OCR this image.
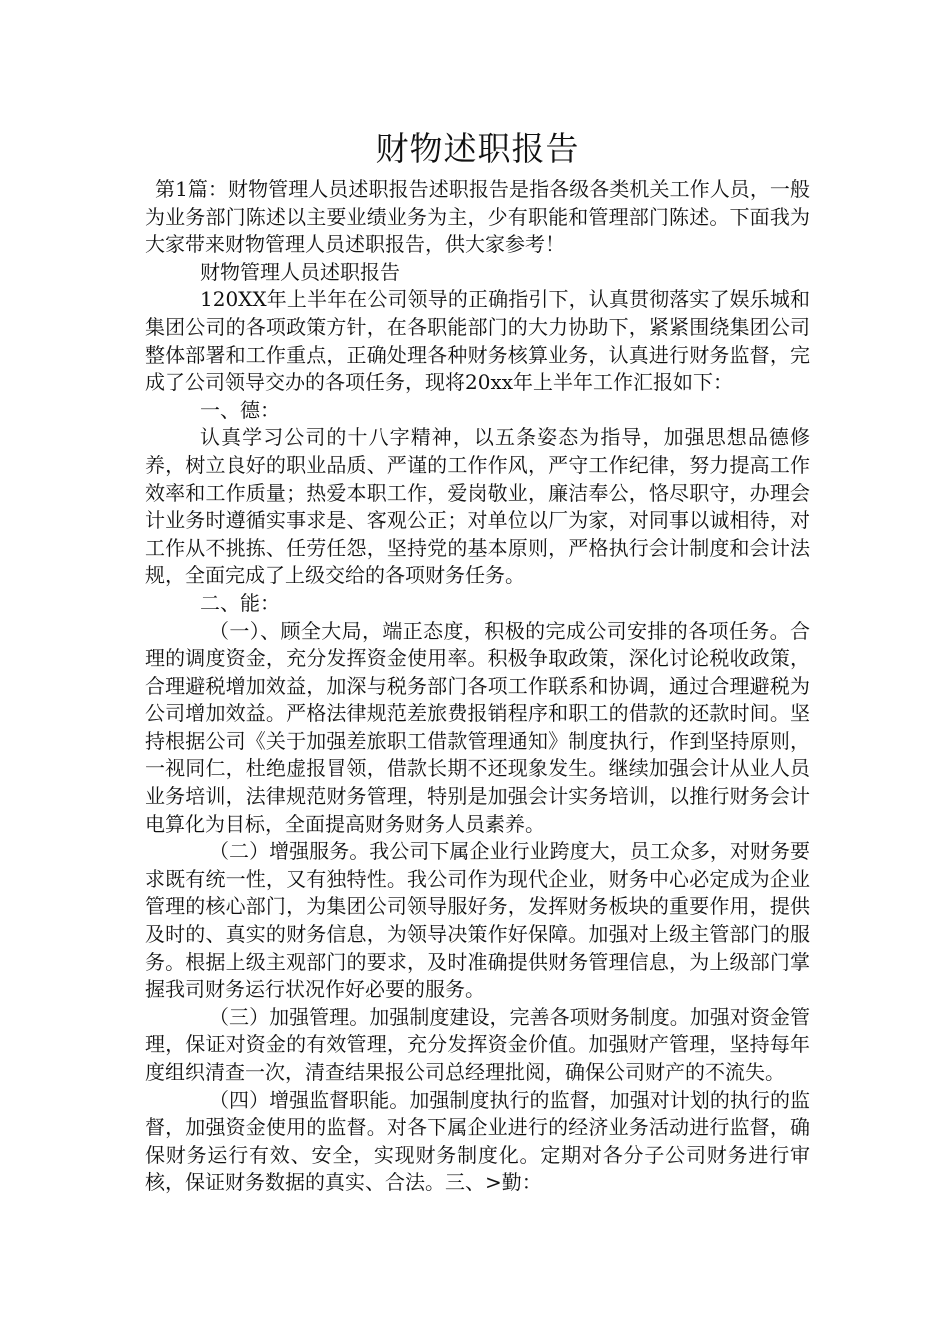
财物述职报告

第1篇：财物管理人员述职报告述职报告是指各级各类机关工作人员，一般为业务部门陈述以主要业绩业务为主，少有职能和管理部门陈述。下面我为大家带来财物管理人员述职报告，供大家参考！

财物管理人员述职报告

120XX年上半年在公司领导的正确指引下，认真贯彻落实了娱乐城和集团公司的各项政策方针，在各职能部门的大力协助下，紧紧围绕集团公司整体部署和工作重点，正确处理各种财务核算业务，认真进行财务监督，完成了公司领导交办的各项任务，现将20xx年上半年工作汇报如下：

一、德：

认真学习公司的十八字精神，以五条姿态为指导，加强思想品德修养，树立良好的职业品质、严谨的工作作风，严守工作纪律，努力提高工作效率和工作质量；热爱本职工作，爱岗敬业，廉洁奉公，恪尽职守，办理会计业务时遵循实事求是、客观公正；对单位以厂为家，对同事以诚相待，对工作从不挑拣、任劳任怨，坚持党的基本原则，严格执行会计制度和会计法规，全面完成了上级交给的各项财务任务。

二、能：

（一）、顾全大局，端正态度，积极的完成公司安排的各项任务。合理的调度资金，充分发挥资金使用率。积极争取政策，深化讨论税收政策，合理避税增加效益，加深与税务部门各项工作联系和协调，通过合理避税为公司增加效益。严格法律规范差旅费报销程序和职工的借款的还款时间。坚持根据公司《关于加强差旅职工借款管理通知》制度执行，作到坚持原则，一视同仁，杜绝虚报冒领，借款长期不还现象发生。继续加强会计从业人员业务培训，法律规范财务管理，特别是加强会计实务培训，以推行财务会计电算化为目标，全面提高财务财务人员素养。

（二）增强服务。我公司下属企业行业跨度大，员工众多，对财务要求既有统一性，又有独特性。我公司作为现代企业，财务中心必定成为企业管理的核心部门，为集团公司领导服好务，发挥财务板块的重要作用，提供及时的、真实的财务信息，为领导决策作好保障。加强对上级主管部门的服务。根据上级主观部门的要求，及时准确提供财务管理信息，为上级部门掌握我司财务运行状况作好必要的服务。

（三）加强管理。加强制度建设，完善各项财务制度。加强对资金管理，保证对资金的有效管理，充分发挥资金价值。加强财产管理，坚持每年度组织清查一次，清查结果报公司总经理批阅，确保公司财产的不流失。

（四）增强监督职能。加强制度执行的监督，加强对计划的执行的监督，加强资金使用的监督。对各下属企业进行的经济业务活动进行监督，确保财务运行有效、安全，实现财务制度化。定期对各分子公司财务进行审核，保证财务数据的真实、合法。三、>勤：
